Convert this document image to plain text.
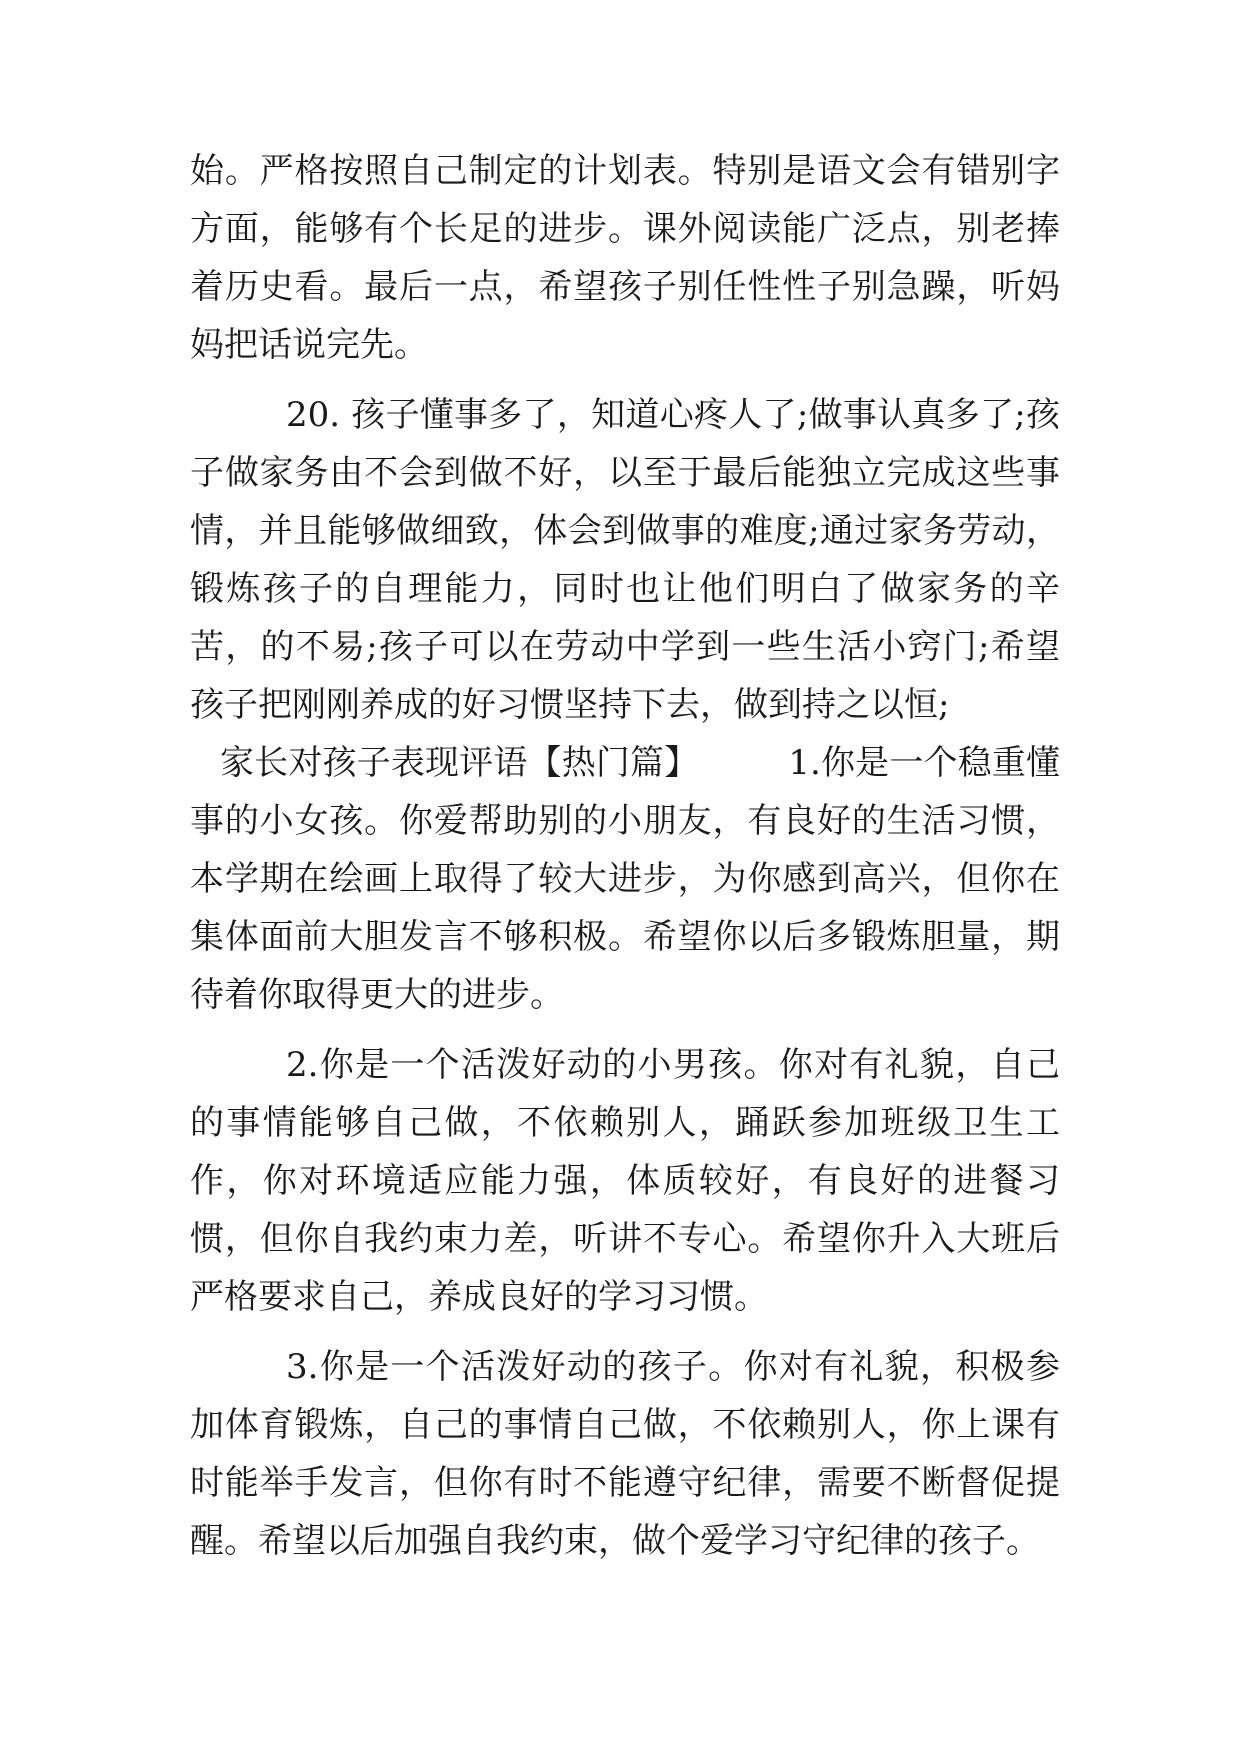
始。严格按照自己制定的计划表。特别是语文会有错别字方面，能够有个长足的进步。课外阅读能广泛点，别老捧着历史看。最后一点，希望孩子别任性性子别急躁，听妈妈把话说完先。

20. 孩子懂事多了，知道心疼人了;做事认真多了;孩子做家务由不会到做不好，以至于最后能独立完成这些事情，并且能够做细致，体会到做事的难度;通过家务劳动，锻炼孩子的自理能力，同时也让他们明白了做家务的辛苦，的不易;孩子可以在劳动中学到一些生活小窍门;希望孩子把刚刚养成的好习惯坚持下去，做到持之以恒;

家长对孩子表现评语【热门篇】	1.你是一个稳重懂事的小女孩。你爱帮助别的小朋友，有良好的生活习惯，本学期在绘画上取得了较大进步，为你感到高兴，但你在集体面前大胆发言不够积极。希望你以后多锻炼胆量，期待着你取得更大的进步。

2.你是一个活泼好动的小男孩。你对有礼貌，自己的事情能够自己做，不依赖别人，踊跃参加班级卫生工作，你对环境适应能力强，体质较好，有良好的进餐习惯，但你自我约束力差，听讲不专心。希望你升入大班后严格要求自己，养成良好的学习习惯。

3.你是一个活泼好动的孩子。你对有礼貌，积极参加体育锻炼，自己的事情自己做，不依赖别人，你上课有时能举手发言，但你有时不能遵守纪律，需要不断督促提醒。希望以后加强自我约束，做个爱学习守纪律的孩子。
